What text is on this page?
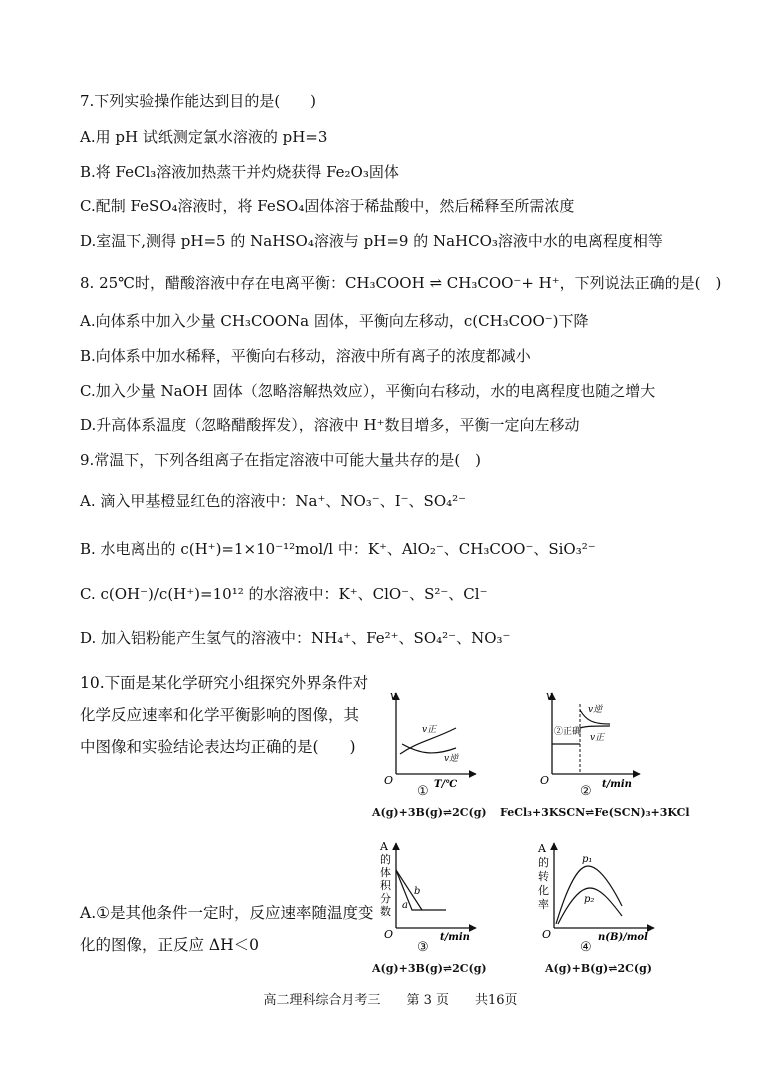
7.下列实验操作能达到目的是(　　)
A.用 pH 试纸测定氯水溶液的 pH=3
B.将 FeCl₃溶液加热蒸干并灼烧获得 Fe₂O₃固体
C.配制 FeSO₄溶液时，将 FeSO₄固体溶于稀盐酸中，然后稀释至所需浓度
D.室温下,测得 pH=5 的 NaHSO₄溶液与 pH=9 的 NaHCO₃溶液中水的电离程度相等
8. 25℃时，醋酸溶液中存在电离平衡：CH₃COOH ⇌ CH₃COO⁻+ H⁺，下列说法正确的是(　)
A.向体系中加入少量 CH₃COONa 固体，平衡向左移动，c(CH₃COO⁻)下降
B.向体系中加水稀释，平衡向右移动，溶液中所有离子的浓度都减小
C.加入少量 NaOH 固体（忽略溶解热效应），平衡向右移动，水的电离程度也随之增大
D.升高体系温度（忽略醋酸挥发），溶液中 H⁺数目增多，平衡一定向左移动
9.常温下，下列各组离子在指定溶液中可能大量共存的是(　)
A. 滴入甲基橙显红色的溶液中：Na⁺、NO₃⁻、I⁻、SO₄²⁻
B. 水电离出的 c(H⁺)=1×10⁻¹²mol/l 中：K⁺、AlO₂⁻、CH₃COO⁻、SiO₃²⁻
C. c(OH⁻)/c(H⁺)=10¹² 的水溶液中：K⁺、ClO⁻、S²⁻、Cl⁻
D. 加入铝粉能产生氢气的溶液中：NH₄⁺、Fe²⁺、SO₄²⁻、NO₃⁻
10.下面是某化学研究小组探究外界条件对化学反应速率和化学平衡影响的图像，其中图像和实验结论表达均正确的是(　　)
A.①是其他条件一定时，反应速率随温度变化的图像，正反应 ΔH＜0
v
O	T/℃
v正
v逆
①
A(g)+3B(g)⇌2C(g)
v
O	t/min
v逆
v正
②正确
②
FeCl₃+3KSCN⇌Fe(SCN)₃+3KCl
A
的
体
积
分
数
O	t/min
a
b
③
A(g)+3B(g)⇌2C(g)
A
的
转
化
率
O	n(B)/mol
p₁
p₂
④
A(g)+B(g)⇌2C(g)
高二理科综合月考三　　第 3 页　　共16页
